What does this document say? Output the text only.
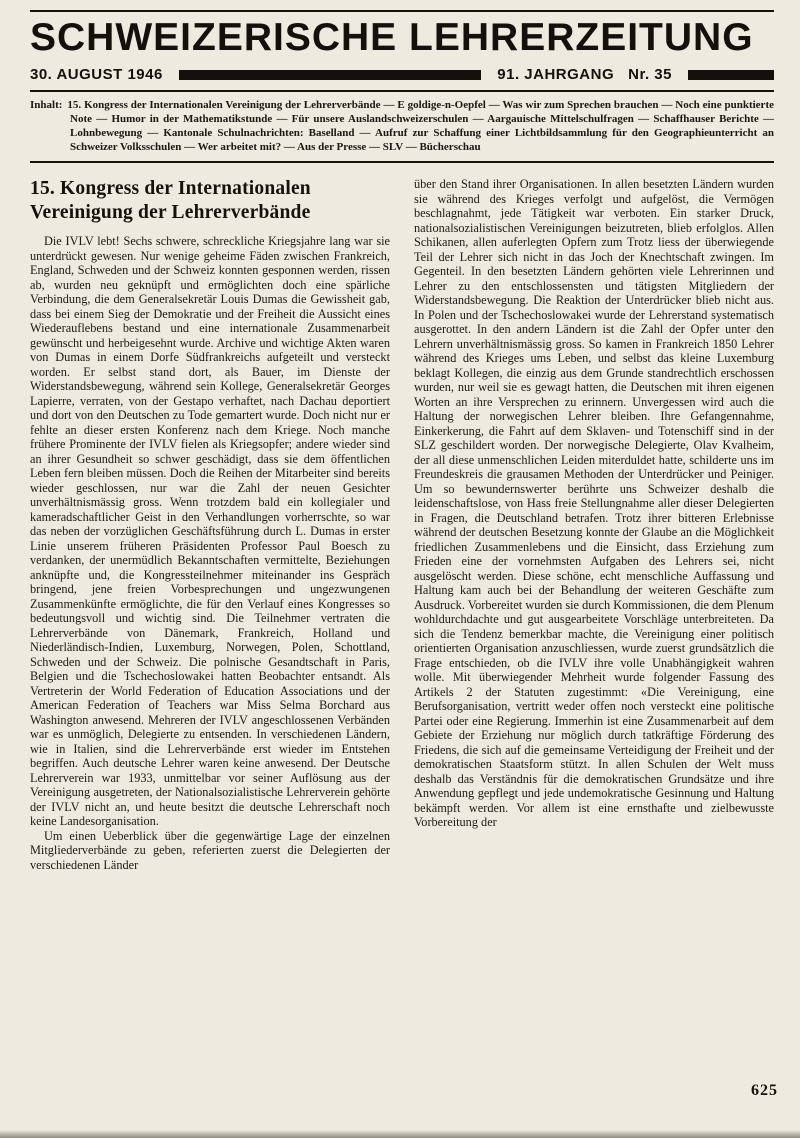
SCHWEIZERISCHE LEHRERZEITUNG
30. AUGUST 1946	91. JAHRGANG Nr. 35
Inhalt: 15. Kongress der Internationalen Vereinigung der Lehrerverbände — E goldige-n-Oepfel — Was wir zum Sprechen brauchen — Noch eine punktierte Note — Humor in der Mathematikstunde — Für unsere Auslandschweizerschulen — Aargauische Mittelschulfragen — Schaffhauser Berichte — Lohnbewegung — Kantonale Schulnachrichten: Baselland — Aufruf zur Schaffung einer Lichtbildsammlung für den Geographieunterricht an Schweizer Volksschulen — Wer arbeitet mit? — Aus der Presse — SLV — Bücherschau
15. Kongress der Internationalen Vereinigung der Lehrerverbände

Die IVLV lebt! Sechs schwere, schreckliche Kriegsjahre lang war sie unterdrückt gewesen. Nur wenige geheime Fäden zwischen Frankreich, England, Schweden und der Schweiz konnten gesponnen werden, rissen ab, wurden neu geknüpft und ermöglichten doch eine spärliche Verbindung, die dem Generalsekretär Louis Dumas die Gewissheit gab, dass bei einem Sieg der Demokratie und der Freiheit die Aussicht eines Wiederauflebens bestand und eine internationale Zusammenarbeit gewünscht und herbeigesehnt wurde. Archive und wichtige Akten waren von Dumas in einem Dorfe Südfrankreichs aufgeteilt und versteckt worden. Er selbst stand dort, als Bauer, im Dienste der Widerstandsbewegung, während sein Kollege, Generalsekretär Georges Lapierre, verraten, von der Gestapo verhaftet, nach Dachau deportiert und dort von den Deutschen zu Tode gemartert wurde. Doch nicht nur er fehlte an dieser ersten Konferenz nach dem Kriege. Noch manche frühere Prominente der IVLV fielen als Kriegsopfer; andere wieder sind an ihrer Gesundheit so schwer geschädigt, dass sie dem öffentlichen Leben fern bleiben müssen. Doch die Reihen der Mitarbeiter sind bereits wieder geschlossen, nur war die Zahl der neuen Gesichter unverhältnismässig gross. Wenn trotzdem bald ein kollegialer und kameradschaftlicher Geist in den Verhandlungen vorherrschte, so war das neben der vorzüglichen Geschäftsführung durch L. Dumas in erster Linie unserem früheren Präsidenten Professor Paul Boesch zu verdanken, der unermüdlich Bekanntschaften vermittelte, Beziehungen anknüpfte und, die Kongressteilnehmer miteinander ins Gespräch bringend, jene freien Vorbesprechungen und ungezwungenen Zusammenkünfte ermöglichte, die für den Verlauf eines Kongresses so bedeutungsvoll und wichtig sind. Die Teilnehmer vertraten die Lehrerverbände von Dänemark, Frankreich, Holland und Niederländisch-Indien, Luxemburg, Norwegen, Polen, Schottland, Schweden und der Schweiz. Die polnische Gesandtschaft in Paris, Belgien und die Tschechoslowakei hatten Beobachter entsandt. Als Vertreterin der World Federation of Education Associations und der American Federation of Teachers war Miss Selma Borchard aus Washington anwesend. Mehreren der IVLV angeschlossenen Verbänden war es unmöglich, Delegierte zu entsenden. In verschiedenen Ländern, wie in Italien, sind die Lehrerverbände erst wieder im Entstehen begriffen. Auch deutsche Lehrer waren keine anwesend. Der Deutsche Lehrerverein war 1933, unmittelbar vor seiner Auflösung aus der Vereinigung ausgetreten, der Nationalsozialistische Lehrerverein gehörte der IVLV nicht an, und heute besitzt die deutsche Lehrerschaft noch keine Landesorganisation.

Um einen Ueberblick über die gegenwärtige Lage der einzelnen Mitgliederverbände zu geben, referierten zuerst die Delegierten der verschiedenen Länder

über den Stand ihrer Organisationen. In allen besetzten Ländern wurden sie während des Krieges verfolgt und aufgelöst, die Vermögen beschlagnahmt, jede Tätigkeit war verboten. Ein starker Druck, nationalsozialistischen Vereinigungen beizutreten, blieb erfolglos. Allen Schikanen, allen auferlegten Opfern zum Trotz liess der überwiegende Teil der Lehrer sich nicht in das Joch der Knechtschaft zwingen. Im Gegenteil. In den besetzten Ländern gehörten viele Lehrerinnen und Lehrer zu den entschlossensten und tätigsten Mitgliedern der Widerstandsbewegung. Die Reaktion der Unterdrücker blieb nicht aus. In Polen und der Tschechoslowakei wurde der Lehrerstand systematisch ausgerottet. In den andern Ländern ist die Zahl der Opfer unter den Lehrern unverhältnismässig gross. So kamen in Frankreich 1850 Lehrer während des Krieges ums Leben, und selbst das kleine Luxemburg beklagt Kollegen, die einzig aus dem Grunde standrechtlich erschossen wurden, nur weil sie es gewagt hatten, die Deutschen mit ihren eigenen Worten an ihre Versprechen zu erinnern. Unvergessen wird auch die Haltung der norwegischen Lehrer bleiben. Ihre Gefangennahme, Einkerkerung, die Fahrt auf dem Sklaven- und Totenschiff sind in der SLZ geschildert worden. Der norwegische Delegierte, Olav Kvalheim, der all diese unmenschlichen Leiden miterduldet hatte, schilderte uns im Freundeskreis die grausamen Methoden der Unterdrücker und Peiniger. Um so bewundernswerter berührte uns Schweizer deshalb die leidenschaftslose, von Hass freie Stellungnahme aller dieser Delegierten in Fragen, die Deutschland betrafen. Trotz ihrer bitteren Erlebnisse während der deutschen Besetzung konnte der Glaube an die Möglichkeit friedlichen Zusammenlebens und die Einsicht, dass Erziehung zum Frieden eine der vornehmsten Aufgaben des Lehrers sei, nicht ausgelöscht werden. Diese schöne, echt menschliche Auffassung und Haltung kam auch bei der Behandlung der weiteren Geschäfte zum Ausdruck. Vorbereitet wurden sie durch Kommissionen, die dem Plenum wohldurchdachte und gut ausgearbeitete Vorschläge unterbreiteten. Da sich die Tendenz bemerkbar machte, die Vereinigung einer politisch orientierten Organisation anzuschliessen, wurde zuerst grundsätzlich die Frage entschieden, ob die IVLV ihre volle Unabhängigkeit wahren wolle. Mit überwiegender Mehrheit wurde folgender Fassung des Artikels 2 der Statuten zugestimmt: «Die Vereinigung, eine Berufsorganisation, vertritt weder offen noch versteckt eine politische Partei oder eine Regierung. Immerhin ist eine Zusammenarbeit auf dem Gebiete der Erziehung nur möglich durch tatkräftige Förderung des Friedens, die sich auf die gemeinsame Verteidigung der Freiheit und der demokratischen Staatsform stützt. In allen Schulen der Welt muss deshalb das Verständnis für die demokratischen Grundsätze und ihre Anwendung gepflegt und jede undemokratische Gesinnung und Haltung bekämpft werden. Vor allem ist eine ernsthafte und zielbewusste Vorbereitung der

625
